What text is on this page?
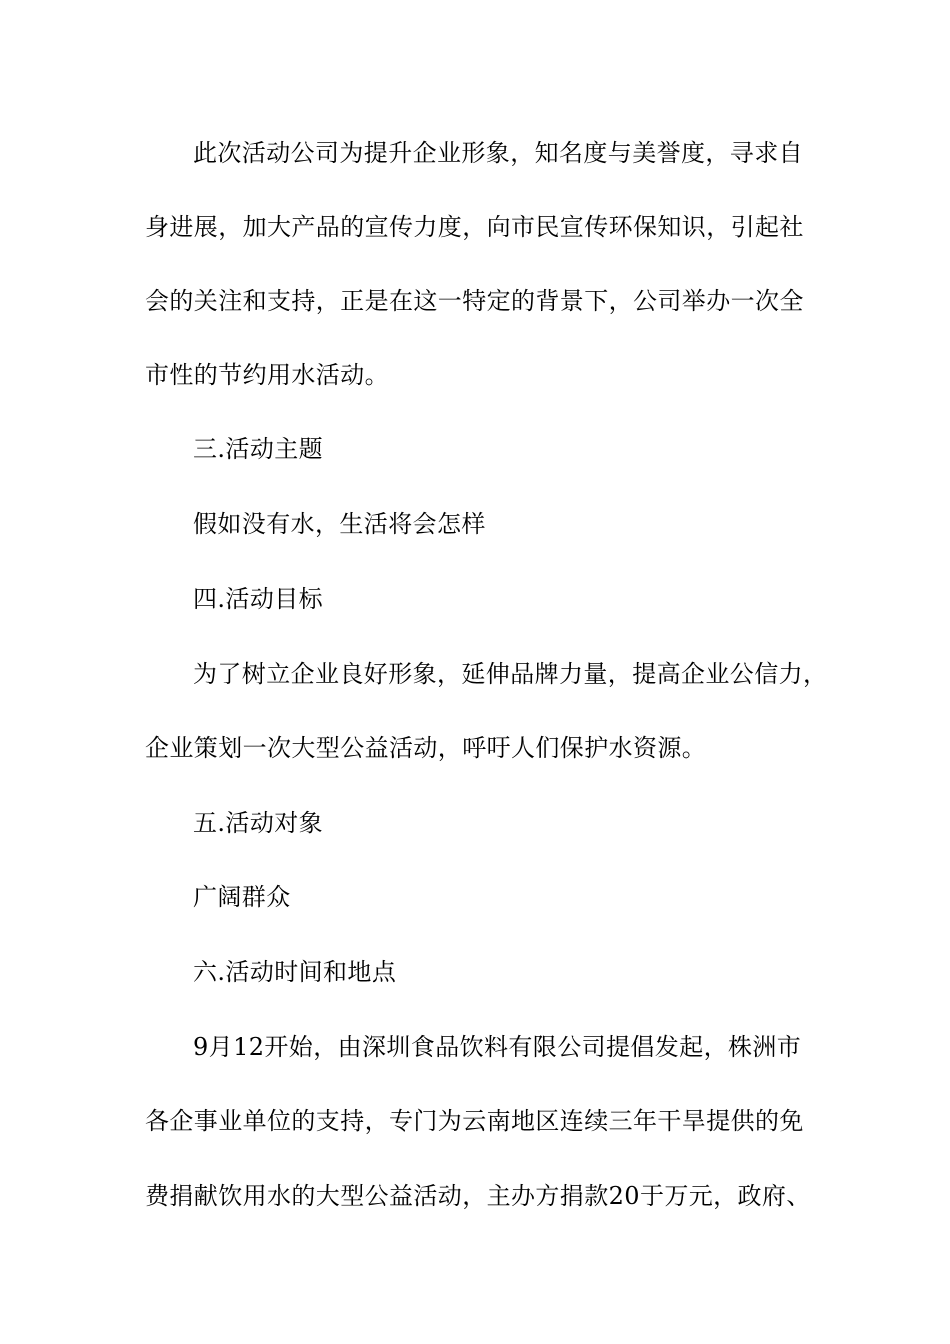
此次活动公司为提升企业形象，知名度与美誉度，寻求自
身进展，加大产品的宣传力度，向市民宣传环保知识，引起社
会的关注和支持，正是在这一特定的背景下，公司举办一次全
市性的节约用水活动。
三.活动主题
假如没有水，生活将会怎样
四.活动目标
为了树立企业良好形象，延伸品牌力量，提高企业公信力，
企业策划一次大型公益活动，呼吁人们保护水资源。
五.活动对象
广阔群众
六.活动时间和地点
9月12开始，由深圳食品饮料有限公司提倡发起，株洲市
各企事业单位的支持，专门为云南地区连续三年干旱提供的免
费捐献饮用水的大型公益活动，主办方捐款20于万元，政府、
